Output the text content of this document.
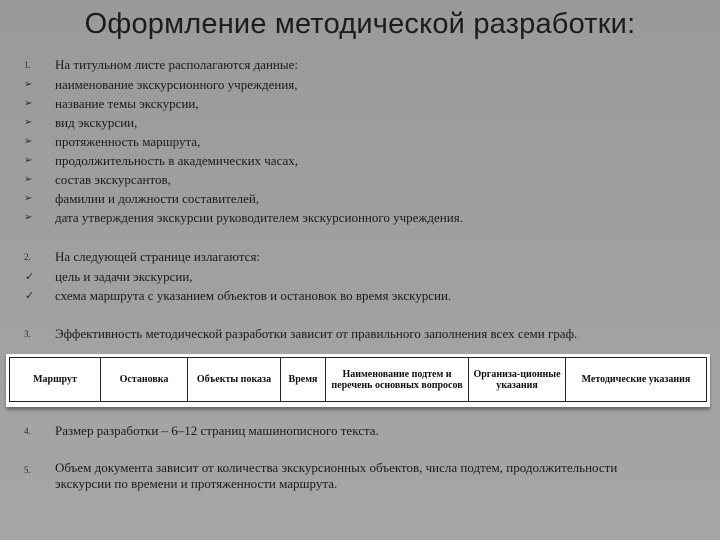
Оформление методической разработки:
1. На титульном листе располагаются данные:
➢ наименование экскурсионного учреждения,
➢ название темы экскурсии,
➢ вид экскурсии,
➢ протяженность маршрута,
➢ продолжительность в академических часах,
➢ состав экскурсантов,
➢ фамилии и должности составителей,
➢ дата утверждения экскурсии руководителем экскурсионного учреждения.
2. На следующей странице излагаются:
✓ цель и задачи экскурсии,
✓ схема маршрута с указанием объектов и остановок во время экскурсии.
3. Эффективность методической разработки зависит от правильного заполнения всех семи граф.
Маршрут	Остановка	Объекты показа	Время	Наименование подтем и перечень основных вопросов	Организа-ционные указания	Методические указания
4. Размер разработки – 6–12 страниц машинописного текста.
5. Объем документа зависит от количества экскурсионных объектов, числа подтем, продолжительности экскурсии по времени и протяженности маршрута.
